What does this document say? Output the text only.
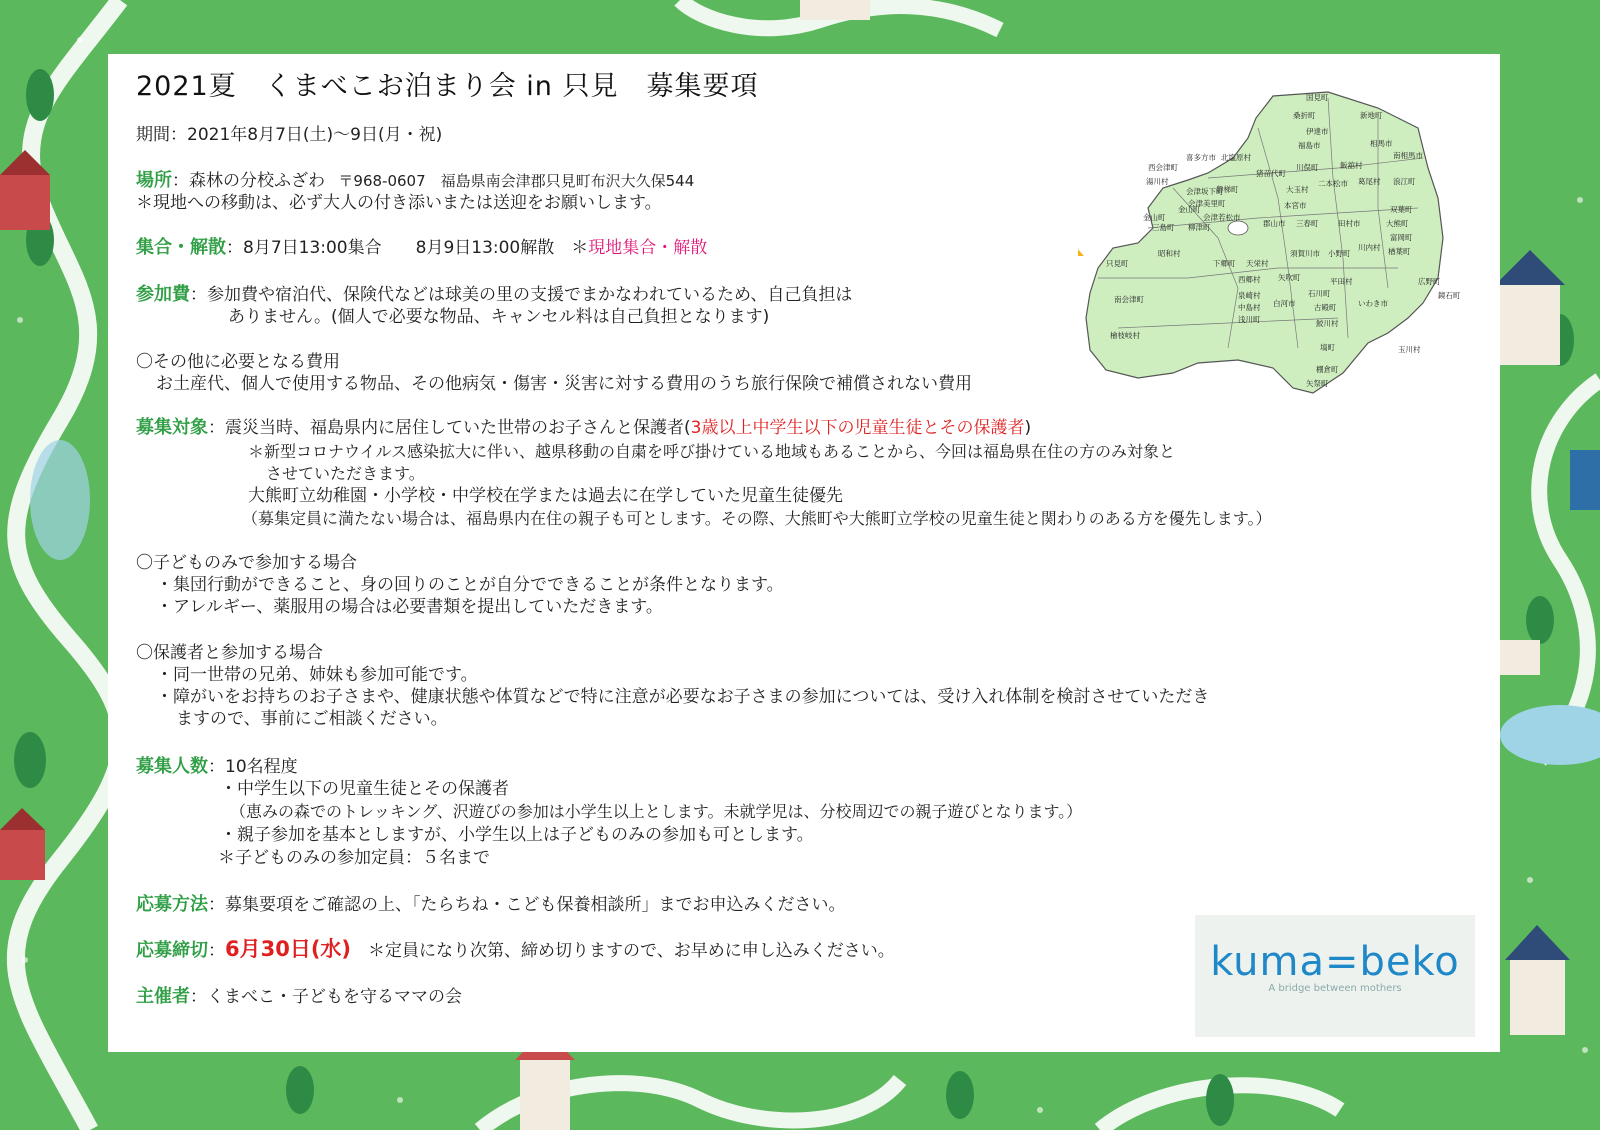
2021夏　くまべこお泊まり会 in 只見　募集要項
期間：2021年8月7日(土)～9日(月・祝)
場所：森林の分校ふざわ 〒968-0607　福島県南会津郡只見町布沢大久保544
＊現地への移動は、必ず大人の付き添いまたは送迎をお願いします。
集合・解散：8月7日13:00集合　　8月9日13:00解散　＊現地集合・解散
参加費：参加費や宿泊代、保険代などは球美の里の支援でまかなわれているため、自己負担は
ありません。(個人で必要な物品、キャンセル料は自己負担となります)
〇その他に必要となる費用
お土産代、個人で使用する物品、その他病気・傷害・災害に対する費用のうち旅行保険で補償されない費用
募集対象：震災当時、福島県内に居住していた世帯のお子さんと保護者(3歳以上中学生以下の児童生徒とその保護者)
＊新型コロナウイルス感染拡大に伴い、越県移動の自粛を呼び掛けている地域もあることから、今回は福島県在住の方のみ対象と
させていただきます。
大熊町立幼稚園・小学校・中学校在学または過去に在学していた児童生徒優先
（募集定員に満たない場合は、福島県内在住の親子も可とします。その際、大熊町や大熊町立学校の児童生徒と関わりのある方を優先します。）
〇子どものみで参加する場合
・集団行動ができること、身の回りのことが自分でできることが条件となります。
・アレルギー、薬服用の場合は必要書類を提出していただきます。
〇保護者と参加する場合
・同一世帯の兄弟、姉妹も参加可能です。
・障がいをお持ちのお子さまや、健康状態や体質などで特に注意が必要なお子さまの参加については、受け入れ体制を検討させていただき
ますので、事前にご相談ください。
募集人数：10名程度
・中学生以下の児童生徒とその保護者
（恵みの森でのトレッキング、沢遊びの参加は小学生以上とします。未就学児は、分校周辺での親子遊びとなります。）
・親子参加を基本としますが、小学生以上は子どものみの参加も可とします。
＊子どものみの参加定員：５名まで
応募方法：募集要項をご確認の上、「たらちね・こども保養相談所」までお申込みください。
応募締切：6月30日(水)　＊定員になり次第、締め切りますので、お早めに申し込みください。
主催者：くまべこ・子どもを守るママの会
国見町
桑折町	新地町
伊達市
相馬市
福島市
喜多方市 北塩原村
西会津町
猪苗代町
川俣町	飯舘村
南相馬市
湯川村
会津坂下町
磐梯町	大玉村
二本松市 葛尾村 浪江町
会津若松市
本宮市	双葉町
柳津町
三島町
金山町
金山町
会津美里町
郡山市 三春町	田村市	大熊町
富岡町
昭和村
只見町
須賀川市 小野町
川内村 楢葉町
下郷町 天栄村
鏡石町
平田村	広野町
西郷村 矢吹町
石川町
南会津町	泉崎村
白河市
中島村	古殿町	いわき市
浅川町
檜枝岐村
鮫川村
塙町	玉川村
棚倉町
矢祭町
kuma=beko
A bridge between mothers
